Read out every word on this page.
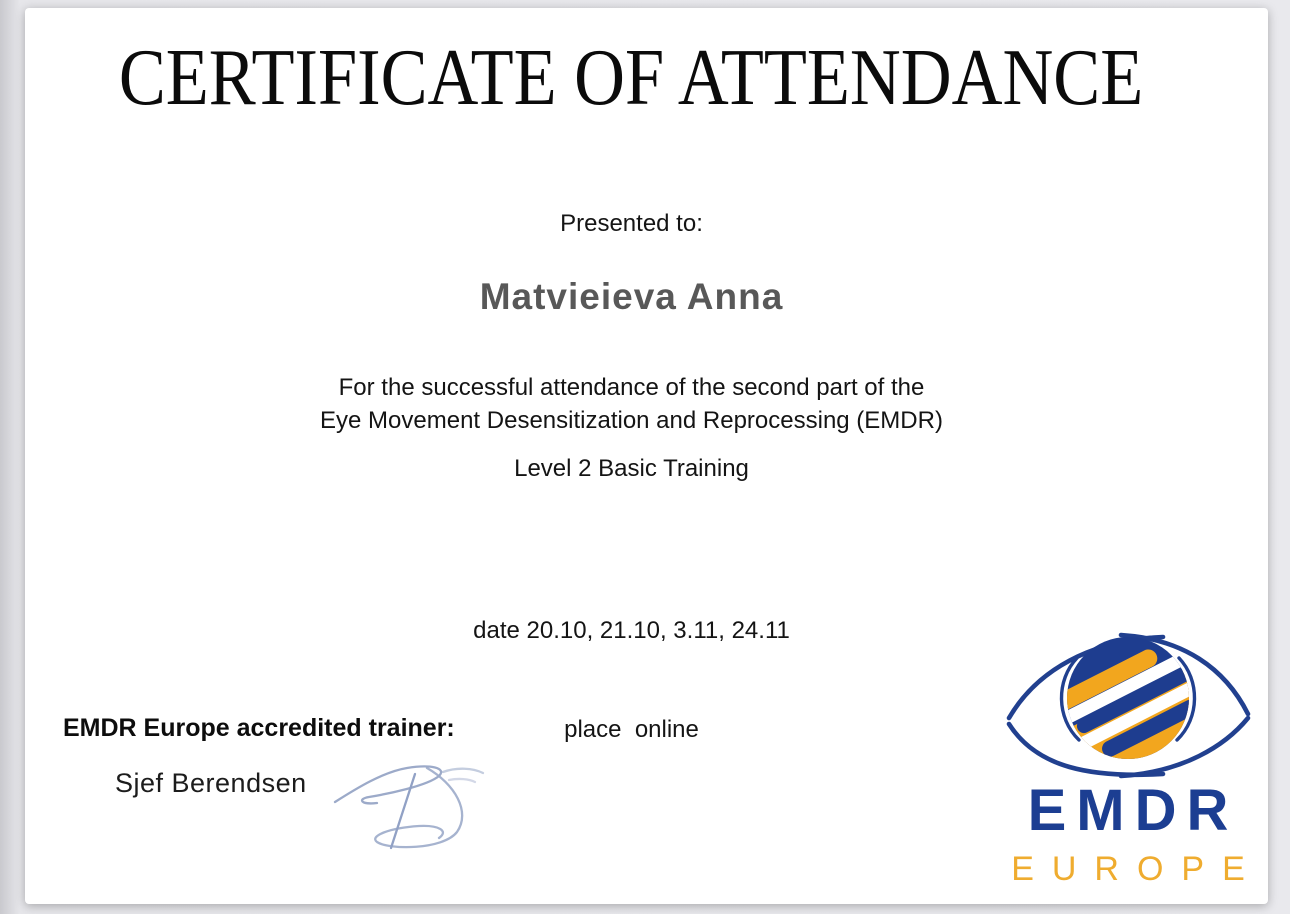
CERTIFICATE OF ATTENDANCE
Presented to:
Matvieieva Anna
For the successful attendance of the second part of the
Eye Movement Desensitization and Reprocessing (EMDR)
Level 2 Basic Training

date 20.10, 21.10, 3.11, 24.11

place  online

EMDR Europe accredited trainer:
Sjef Berendsen	EMDR
EUROPE
